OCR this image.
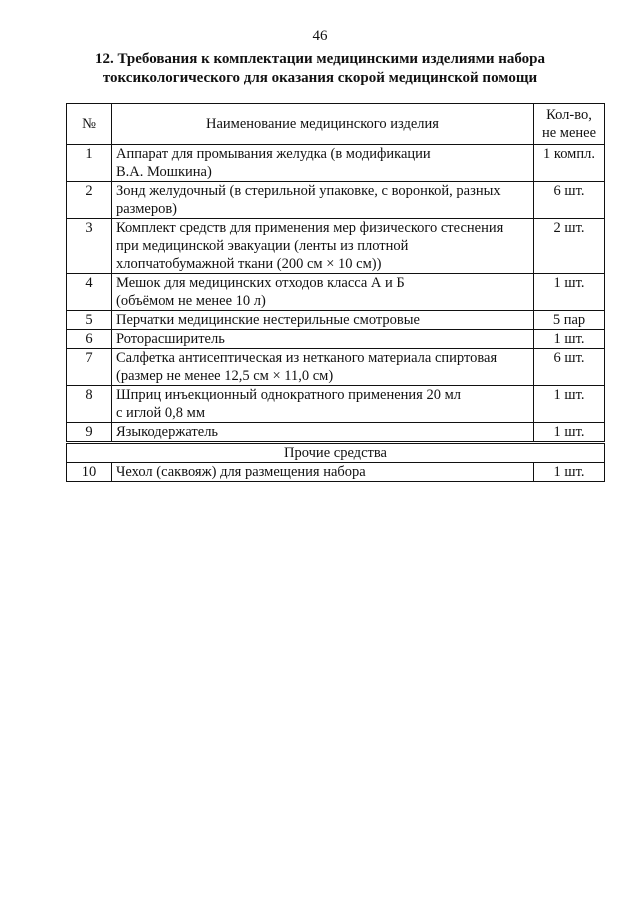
46
12. Требования к комплектации медицинскими изделиями набора
токсикологического для оказания скорой медицинской помощи
№	Наименование медицинского изделия	Кол-во,
не менее
1	Аппарат для промывания желудка (в модификации
В.А. Мошкина)	1 компл.
2	Зонд желудочный (в стерильной упаковке, с воронкой, разных
размеров)	6 шт.
3	Комплект средств для применения мер физического стеснения
при медицинской эвакуации (ленты из плотной
хлопчатобумажной ткани (200 см × 10 см))	2 шт.
4	Мешок для медицинских отходов класса А и Б
(объёмом не менее 10 л)	1 шт.
5	Перчатки медицинские нестерильные смотровые	5 пар
6	Роторасширитель	1 шт.
7	Салфетка антисептическая из нетканого материала спиртовая
(размер не менее 12,5 см × 11,0 см)	6 шт.
8	Шприц инъекционный однократного применения 20 мл
с иглой 0,8 мм	1 шт.
9	Языкодержатель	1 шт.
Прочие средства		
10	Чехол (саквояж) для размещения набора	1 шт.
